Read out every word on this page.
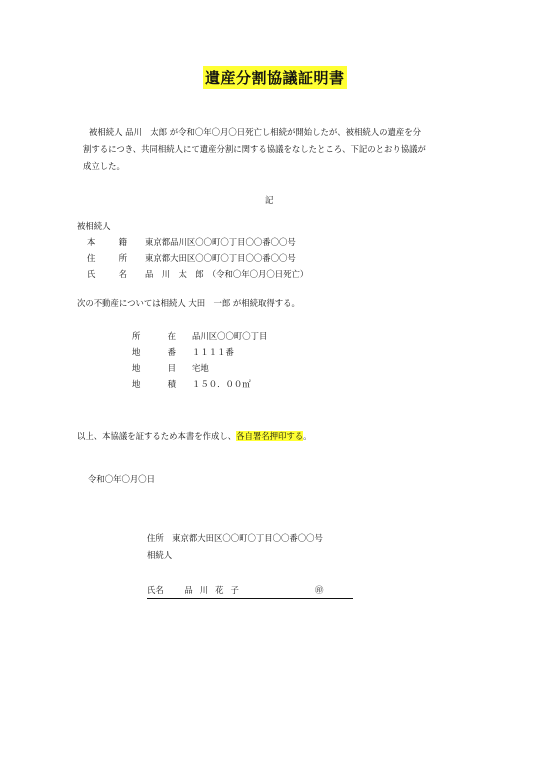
遺産分割協議証明書
被相続人 品川　太郎 が令和〇年〇月〇日死亡し相続が開始したが、被相続人の遺産を分
割するにつき、共同相続人にて遺産分割に関する協議をなしたところ、下記のとおり協議が
成立した。
記
被相続人
本	籍	東京都品川区〇〇町〇丁目〇〇番〇〇号
住	所	東京都大田区〇〇町〇丁目〇〇番〇〇号
氏	名	品　川　太　郎　（令和〇年〇月〇日死亡）
次の不動産については相続人 大田　一郎 が相続取得する。
所	在	品川区〇〇町〇丁目
地	番	１１１１番
地	目	宅地
地	積	１５０．００㎡
以上、本協議を証するため本書を作成し、各自署名押印する。
令和〇年〇月〇日
住所　東京都大田区〇〇町〇丁目〇〇番〇〇号
相続人
氏名 品川花子	㊞
